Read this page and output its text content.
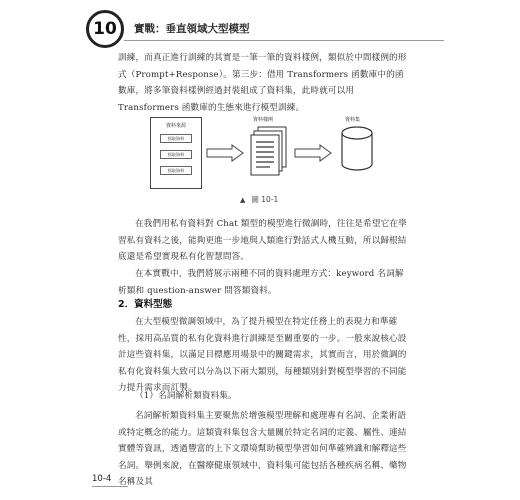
10	實戰：垂直領域大型模型

訓練，而真正進行訓練的其實是一筆一筆的資料樣例，類似於中間樣例的形式（Prompt+Response）。第三步：借用 Transformers 函數庫中的函數庫，將多筆資料樣例經過封裝組成了資料集，此時就可以用 Transformers 函數庫的生態來進行模型訓練。

資料來源
抓取資料
抓取資料
抓取資料
資料樣例	資料集
▲ 圖 10-1

在我們用私有資料對 Chat 類型的模型進行微調時，往往是希望它在學習私有資料之後，能夠更進一步地與人類進行對話式人機互動，所以歸根結底還是希望實現私有化智慧問答。

在本實戰中，我們將展示兩種不同的資料處理方式：keyword 名詞解析類和 question-answer 問答類資料。

2．資料型態

在大型模型微調領域中，為了提升模型在特定任務上的表現力和準確性，採用高品質的私有化資料進行訓練是至關重要的一步。一般來說核心設計這些資料集，以滿足目標應用場景中的關鍵需求，其實而言，用於微調的私有化資料集大致可以分為以下兩大類別，每種類別針對模型學習的不同能力提升需求而訂製。

（1）名詞解析類資料集。

名詞解析類資料集主要聚焦於增強模型理解和處理專有名詞、企業術語或特定概念的能力。這類資料集包含大量關於特定名詞的定義、屬性、連結實體等資訊，透過豐富的上下文環境幫助模型學習如何準確辨識和解釋這些名詞。舉例來說，在醫療健康領域中，資料集可能包括各種疾病名稱、藥物名稱及其

10-4
